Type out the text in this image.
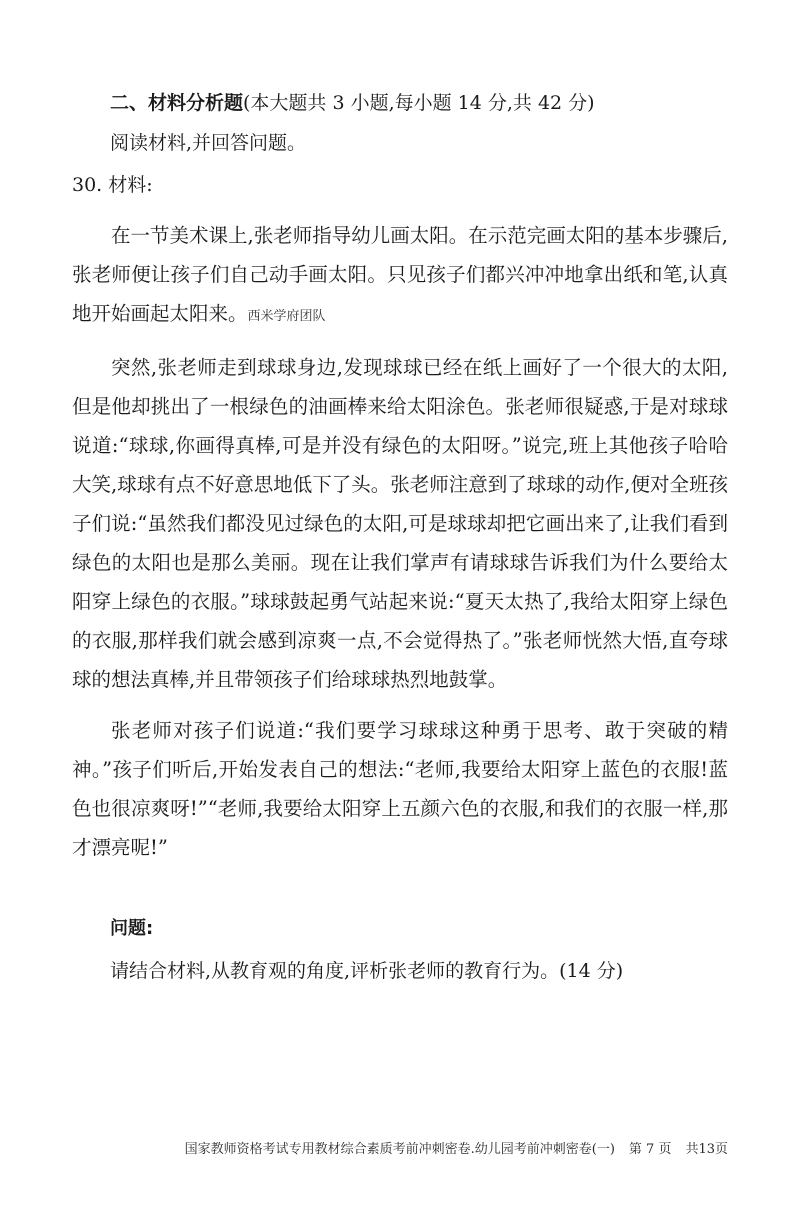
二、材料分析题(本大题共 3 小题,每小题 14 分,共 42 分)
阅读材料,并回答问题。
30. 材料:

在一节美术课上,张老师指导幼儿画太阳。在示范完画太阳的基本步骤后,张老师便让孩子们自己动手画太阳。只见孩子们都兴冲冲地拿出纸和笔,认真地开始画起太阳来。西米学府团队

突然,张老师走到球球身边,发现球球已经在纸上画好了一个很大的太阳,但是他却挑出了一根绿色的油画棒来给太阳涂色。张老师很疑惑,于是对球球说道:“球球,你画得真棒,可是并没有绿色的太阳呀。”说完,班上其他孩子哈哈大笑,球球有点不好意思地低下了头。张老师注意到了球球的动作,便对全班孩子们说:“虽然我们都没见过绿色的太阳,可是球球却把它画出来了,让我们看到绿色的太阳也是那么美丽。现在让我们掌声有请球球告诉我们为什么要给太阳穿上绿色的衣服。”球球鼓起勇气站起来说:“夏天太热了,我给太阳穿上绿色的衣服,那样我们就会感到凉爽一点,不会觉得热了。”张老师恍然大悟,直夸球球的想法真棒,并且带领孩子们给球球热烈地鼓掌。

张老师对孩子们说道:“我们要学习球球这种勇于思考、敢于突破的精神。”孩子们听后,开始发表自己的想法:“老师,我要给太阳穿上蓝色的衣服!蓝色也很凉爽呀!”“老师,我要给太阳穿上五颜六色的衣服,和我们的衣服一样,那才漂亮呢!”

问题:
请结合材料,从教育观的角度,评析张老师的教育行为。(14 分)
国家教师资格考试专用教材综合素质考前冲刺密卷.幼儿园考前冲刺密卷(一) 第 7 页 共13页
